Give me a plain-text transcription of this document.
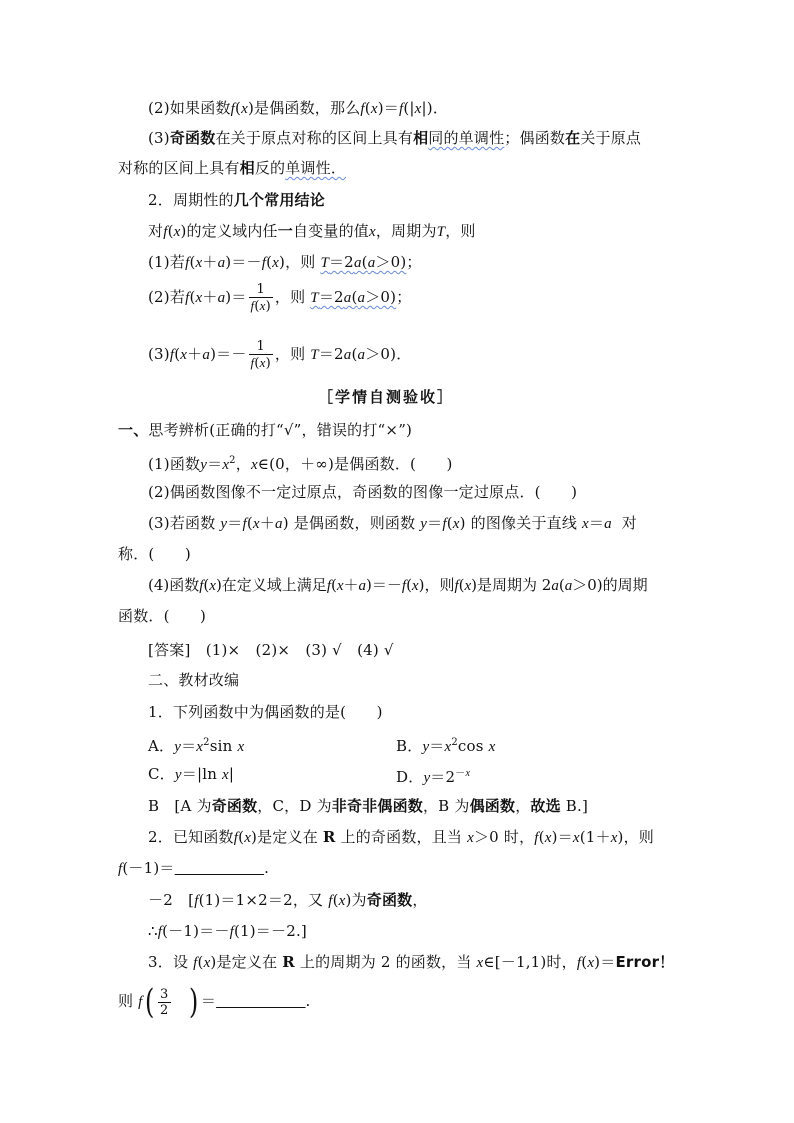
(2)如果函数f(x)是偶函数，那么f(x)＝f(|x|)．
(3)奇函数在关于原点对称的区间上具有相同的单调性；偶函数在关于原点
对称的区间上具有相反的单调性．
2．周期性的几个常用结论
对f(x)的定义域内任一自变量的值x，周期为T，则
(1)若f(x＋a)＝－f(x)，则 T＝2a(a＞0)；
(2)若$f(x+a)= \frac{1}{f(x)}$ ，则 T＝2a(a＞0)；
$(3)f(x+a)=- \frac{1}{f(x)}$ ，则 T＝2a(a＞0)．
［学情自测验收］
一、思考辨析(正确的打“√”，错误的打“×”)
(1)函数$y=x^2$，x∈(0，＋∞)是偶函数．(　　)
(2)偶函数图像不一定过原点，奇函数的图像一定过原点．(　　)
(3)若函数 y＝f(x＋a) 是偶函数，则函数 y＝f(x) 的图像关于直线 x＝a  对
称．(　　)
(4)函数f(x)在定义域上满足f(x＋a)＝－f(x)，则f(x)是周期为 2a(a＞0)的周期
函数．(　　)
[答案]　(1)×　(2)×　(3) √　(4) √
二、教材改编
1．下列函数中为偶函数的是(　　)
A．$y=x^2\sin$ x	B．$y=x^2\cos$ x
C．y＝|ln x|	D．$y=2^{-x}$
B　[A 为奇函数，C，D 为非奇非偶函数，B 为偶函数，故选 B.]
2．已知函数f(x)是定义在 R 上的奇函数，且当 x＞0 时，f(x)＝x(1＋x)，则
f(－1)＝	.
－2　[f(1)＝1×2＝2，又 f(x)为奇函数，
∴f(－1)＝－f(1)＝－2.]
3．设 f(x)是定义在 R 上的周期为 2 的函数，当 x∈[－1,1)时，f(x)＝Error！
则 $f( \frac{3}{2}$ ) ＝	.
